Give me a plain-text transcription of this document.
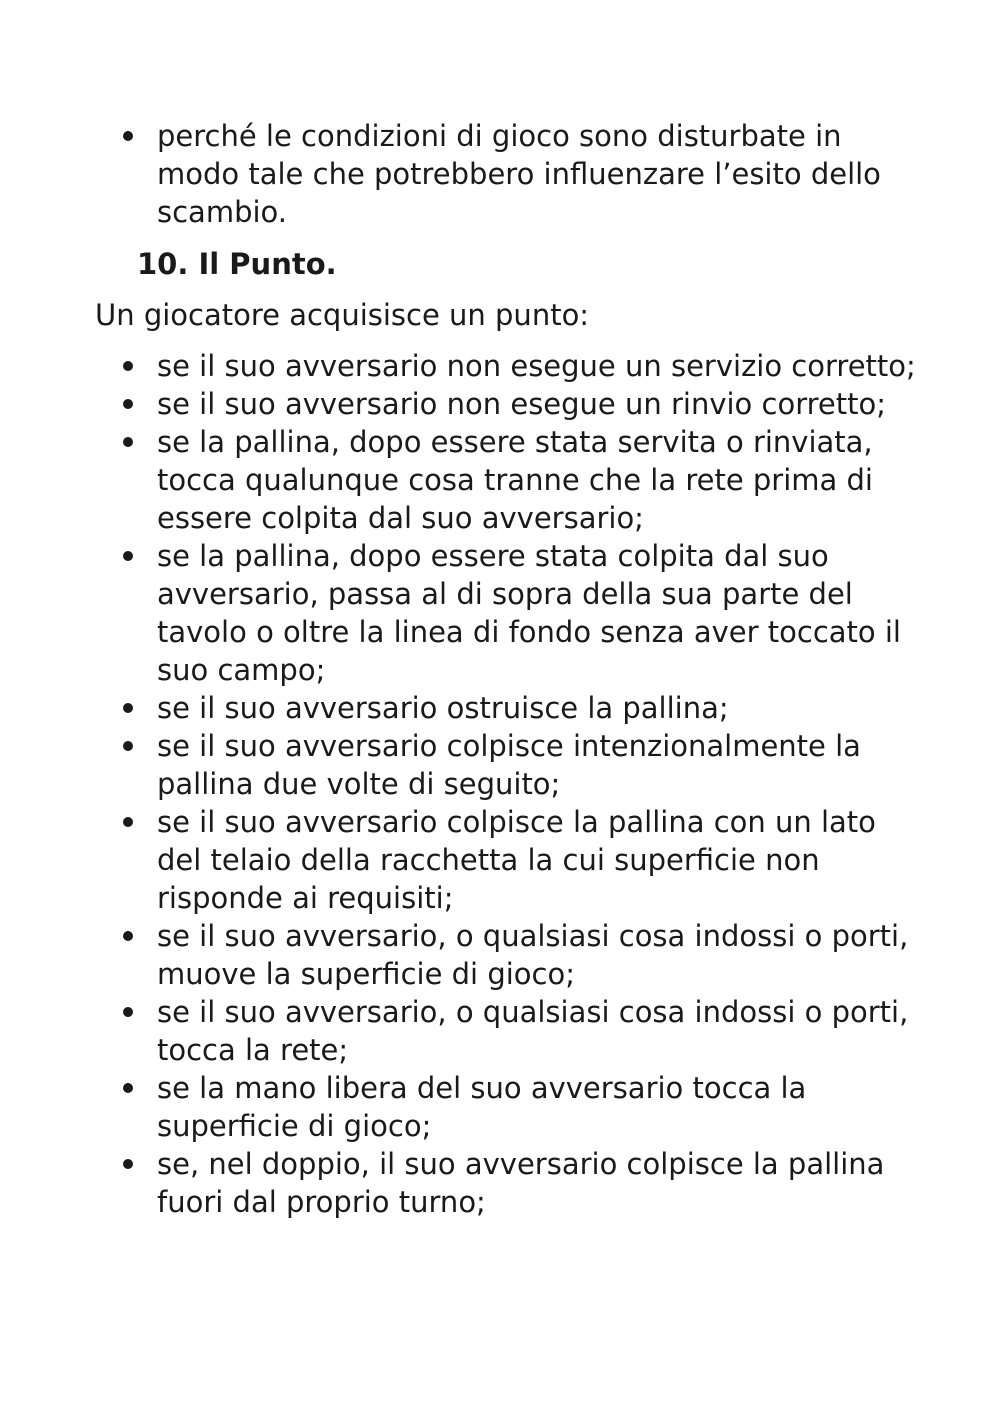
perché le condizioni di gioco sono disturbate in modo tale che potrebbero influenzare l’esito dello scambio.
10. Il Punto.

Un giocatore acquisisce un punto:

se il suo avversario non esegue un servizio corretto;
se il suo avversario non esegue un rinvio corretto;
se la pallina, dopo essere stata servita o rinviata, tocca qualunque cosa tranne che la rete prima di essere colpita dal suo avversario;
se la pallina, dopo essere stata colpita dal suo avversario, passa al di sopra della sua parte del tavolo o oltre la linea di fondo senza aver toccato il suo campo;
se il suo avversario ostruisce la pallina;
se il suo avversario colpisce intenzionalmente la pallina due volte di seguito;
se il suo avversario colpisce la pallina con un lato del telaio della racchetta la cui superficie non risponde ai requisiti;
se il suo avversario, o qualsiasi cosa indossi o porti, muove la superficie di gioco;
se il suo avversario, o qualsiasi cosa indossi o porti, tocca la rete;
se la mano libera del suo avversario tocca la superficie di gioco;
se, nel doppio, il suo avversario colpisce la pallina fuori dal proprio turno;
